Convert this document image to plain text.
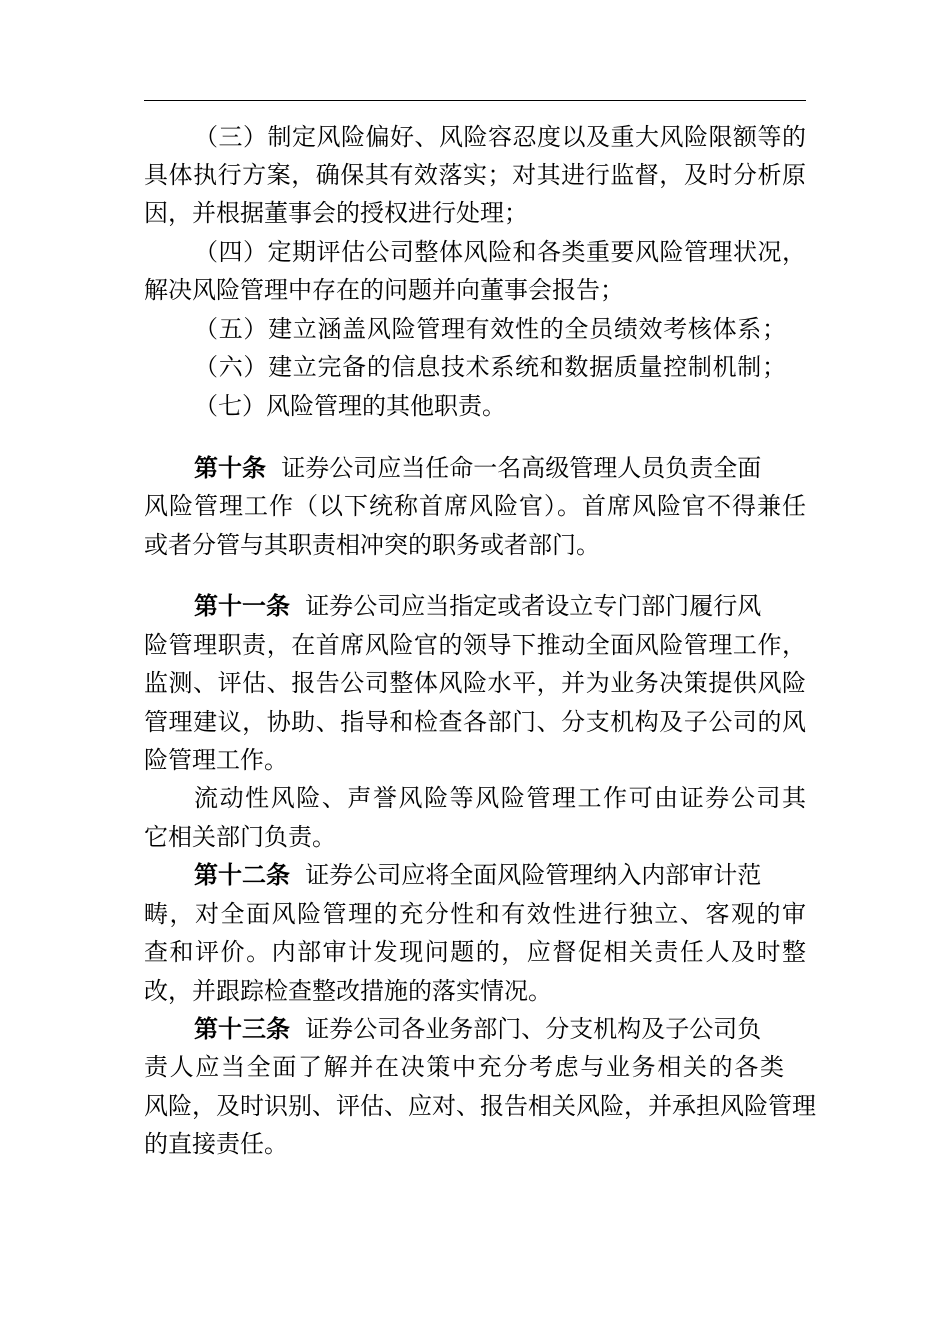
（三）制定风险偏好、风险容忍度以及重大风险限额等的
具体执行方案，确保其有效落实；对其进行监督，及时分析原
因，并根据董事会的授权进行处理；
（四）定期评估公司整体风险和各类重要风险管理状况，
解决风险管理中存在的问题并向董事会报告；
（五）建立涵盖风险管理有效性的全员绩效考核体系；
（六）建立完备的信息技术系统和数据质量控制机制；
（七）风险管理的其他职责。
第十条 证券公司应当任命一名高级管理人员负责全面
风险管理工作（以下统称首席风险官）。首席风险官不得兼任
或者分管与其职责相冲突的职务或者部门。
第十一条 证券公司应当指定或者设立专门部门履行风
险管理职责，在首席风险官的领导下推动全面风险管理工作，
监测、评估、报告公司整体风险水平，并为业务决策提供风险
管理建议，协助、指导和检查各部门、分支机构及子公司的风
险管理工作。
流动性风险、声誉风险等风险管理工作可由证券公司其
它相关部门负责。
第十二条 证券公司应将全面风险管理纳入内部审计范
畴，对全面风险管理的充分性和有效性进行独立、客观的审
查和评价。内部审计发现问题的，应督促相关责任人及时整
改，并跟踪检查整改措施的落实情况。
第十三条 证券公司各业务部门、分支机构及子公司负
责人应当全面了解并在决策中充分考虑与业务相关的各类
风险，及时识别、评估、应对、报告相关风险，并承担风险管理
的直接责任。
